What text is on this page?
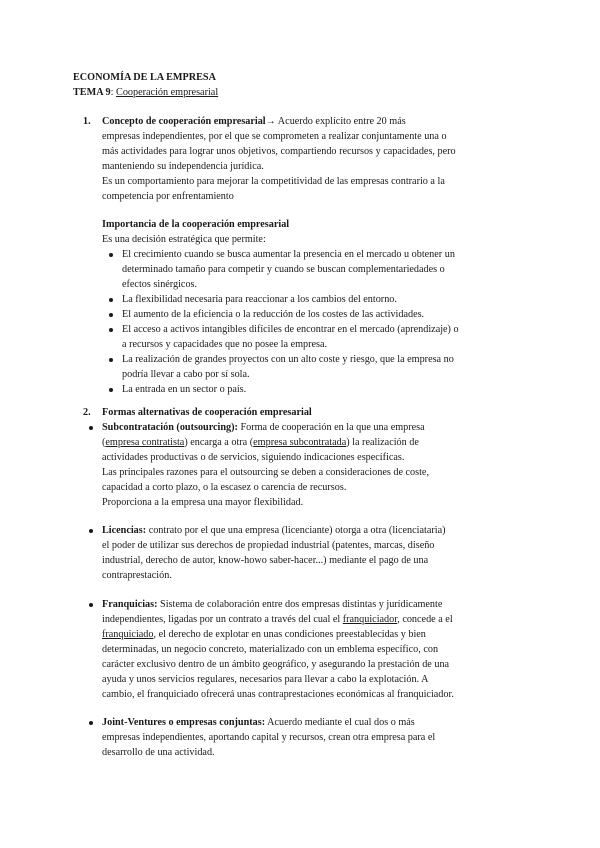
ECONOMÍA DE LA EMPRESA
TEMA 9: Cooperación empresarial
1. Concepto de cooperación empresarial→ Acuerdo explícito entre 20 más
empresas independientes, por el que se comprometen a realizar conjuntamente una o
más actividades para lograr unos objetivos, compartiendo recursos y capacidades, pero
manteniendo su independencia jurídica.
Es un comportamiento para mejorar la competitividad de las empresas contrario a la
competencia por enfrentamiento
Importancia de la cooperación empresarial
Es una decisión estratégica que permite:
El crecimiento cuando se busca aumentar la presencia en el mercado u obtener un
determinado tamaño para competir y cuando se buscan complementariedades o
efectos sinérgicos.
La flexibilidad necesaria para reaccionar a los cambios del entorno.
El aumento de la eficiencia o la reducción de los costes de las actividades.
El acceso a activos intangibles difíciles de encontrar en el mercado (aprendizaje) o
a recursos y capacidades que no posee la empresa.
La realización de grandes proyectos con un alto coste y riesgo, que la empresa no
podría llevar a cabo por sí sola.
La entrada en un sector o país.
2. Formas alternativas de cooperación empresarial
Subcontratación (outsourcing): Forma de cooperación en la que una empresa
(empresa contratista) encarga a otra (empresa subcontratada) la realización de
actividades productivas o de servicios, siguiendo indicaciones específicas.
Las principales razones para el outsourcing se deben a consideraciones de coste,
capacidad a corto plazo, o la escasez o carencia de recursos.
Proporciona a la empresa una mayor flexibilidad.
Licencias: contrato por el que una empresa (licenciante) otorga a otra (licenciataria)
el poder de utilizar sus derechos de propiedad industrial (patentes, marcas, diseño
industrial, derecho de autor, know-howo saber-hacer...) mediante el pago de una
contraprestación.
Franquicias: Sistema de colaboración entre dos empresas distintas y jurídicamente
independientes, ligadas por un contrato a través del cual el franquiciador, concede a el
franquiciado, el derecho de explotar en unas condiciones preestablecidas y bien
determinadas, un negocio concreto, materializado con un emblema específico, con
carácter exclusivo dentro de un ámbito geográfico, y asegurando la prestación de una
ayuda y unos servicios regulares, necesarios para llevar a cabo la explotación. A
cambio, el franquiciado ofrecerá unas contraprestaciones económicas al franquiciador.
Joint-Ventures o empresas conjuntas: Acuerdo mediante el cual dos o más
empresas independientes, aportando capital y recursos, crean otra empresa para el
desarrollo de una actividad.
